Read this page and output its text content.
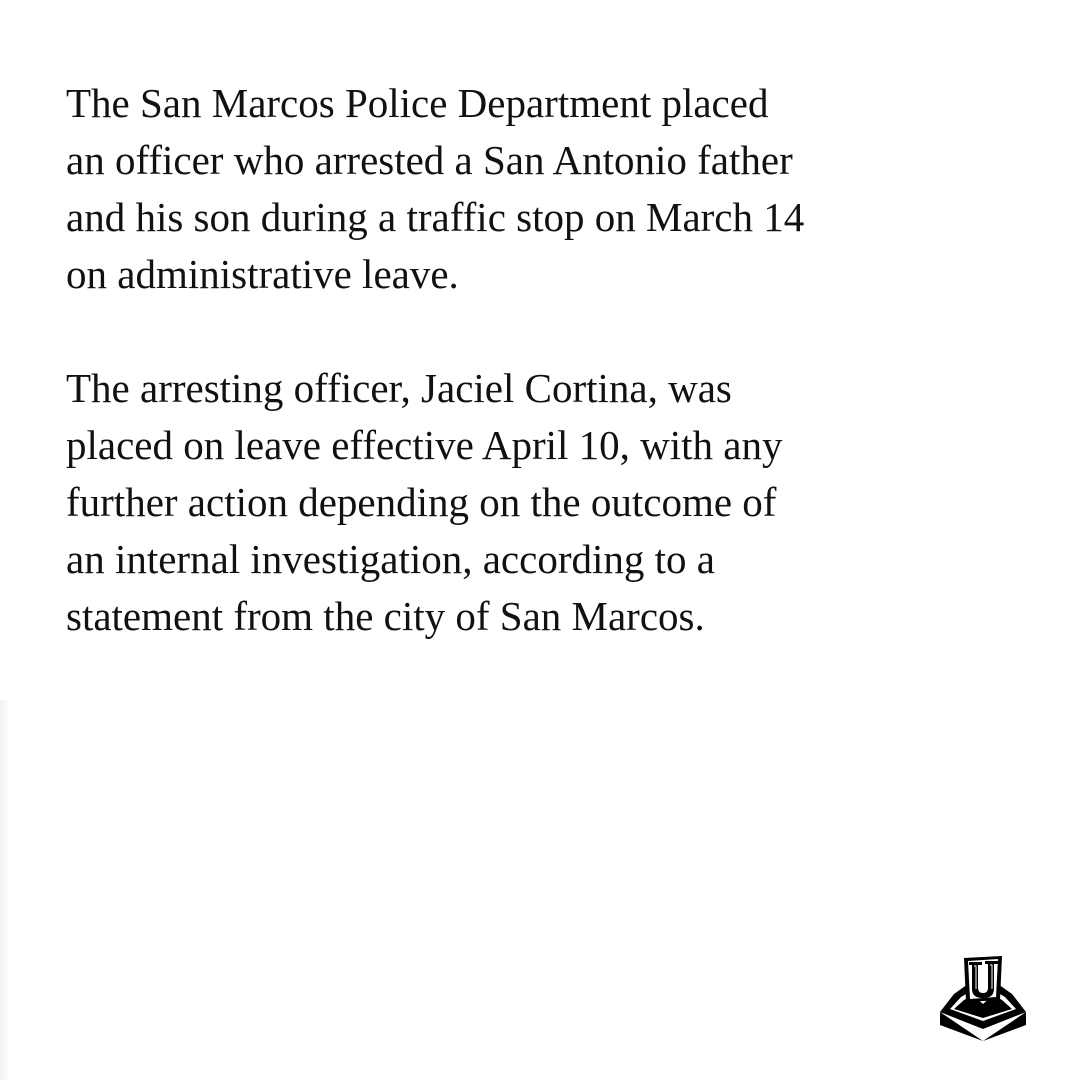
The San Marcos Police Department placed
an officer who arrested a San Antonio father
and his son during a traffic stop on March 14
on administrative leave.

The arresting officer, Jaciel Cortina, was
placed on leave effective April 10, with any
further action depending on the outcome of
an internal investigation, according to a
statement from the city of San Marcos.
